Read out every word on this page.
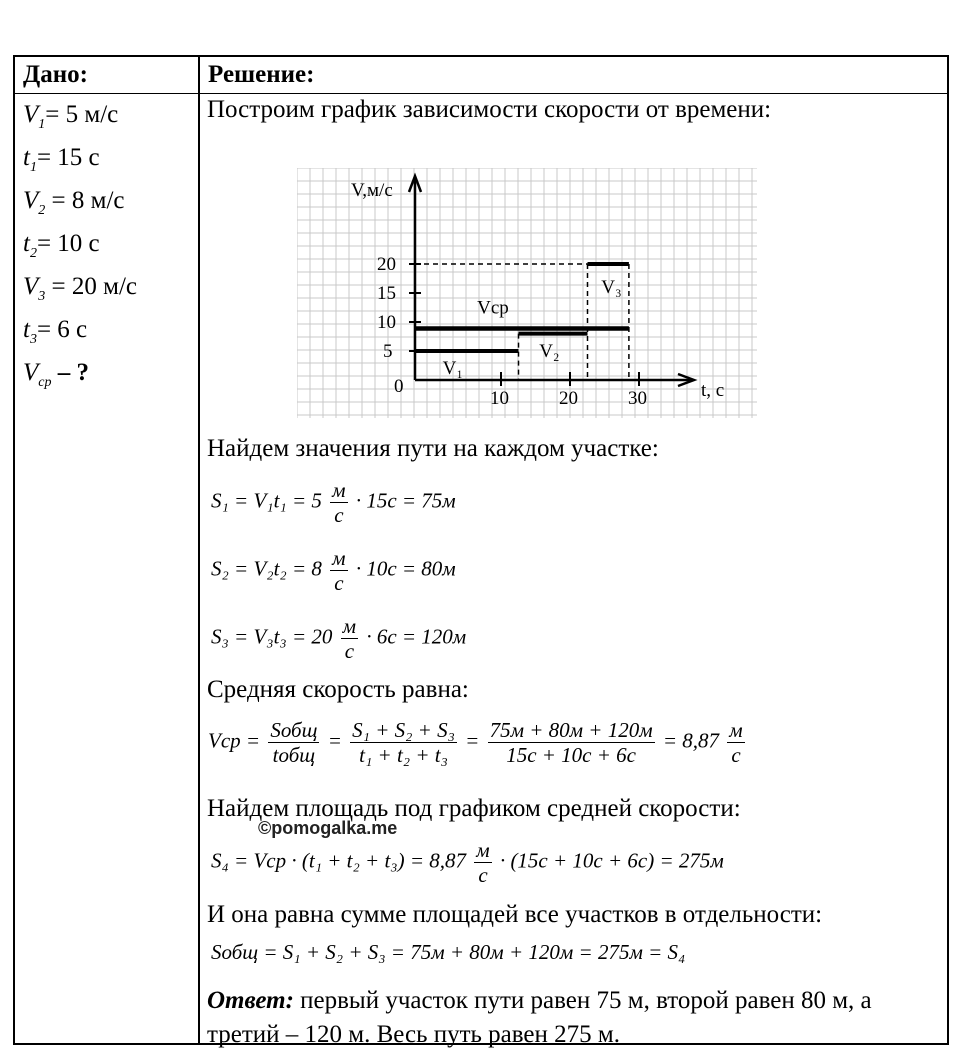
Дано:
$V_1= 5$ м/с
$t_1= 15$ с
$V_2 = 8$ м/с
$t_2= 10$ с
$V_3 = 20$ м/с
$t_3= 6$ с
$V_{ср}$ – ?
Решение:
Построим график зависимости скорости от времени:
V,м/с
t, с
0
5
10
15
20
10	20	30
V₁
V₂
V₃
Vср
Найдем значения пути на каждом участке:
$S_1 = V_1t_1 = 5 \frac{м}{с} \cdot 15c = 75м$
$S_2 = V_2t_2 = 8 \frac{м}{с} \cdot 10c = 80м$
$S_3 = V_3t_3 = 20 \frac{м}{с} \cdot 6c = 120м$
Средняя скорость равна:
Vср = $\frac{\text{Sобщ}}{\text{tобщ}} = \frac{\text{S₁ + S₂ + S₃}}{\text{t₁ + t₂ + t₃}} = \frac{75м + 80м + 120м}{15с + 10с + 6с} = 8,87 \frac{м}{с}$
Найдем площадь под графиком средней скорости:
©pomogalka.me
S₄ = Vср · $(t_1 + t_2 + t_3) = 8,87 \frac{м}{с} \cdot (15с + 10с + 6с) = 275м$
И она равна сумме площадей все участков в отдельности:
Sобщ = S₁ + S₂ + S₃ = 75м + 80м + 120м = 275м = S₄
Ответ: первый участок пути равен 75 м, второй равен 80 м, а третий – 120 м. Весь путь равен 275 м.
